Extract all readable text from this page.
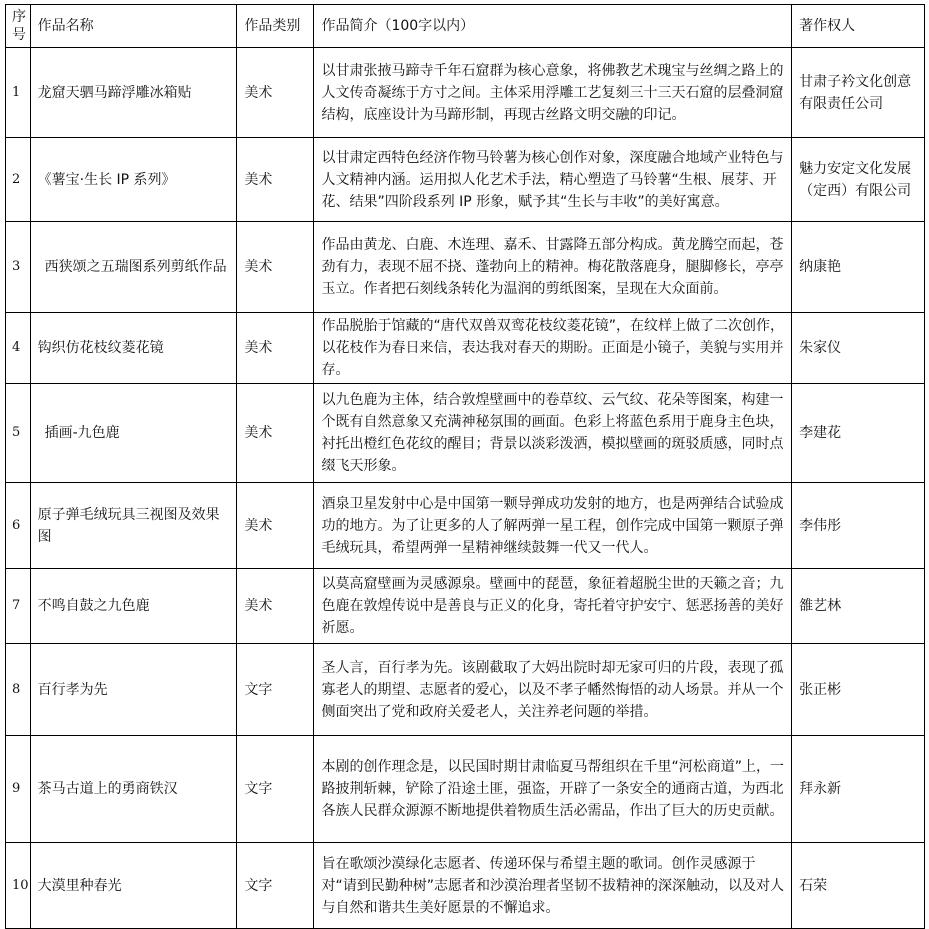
序号	作品名称	作品类别	作品简介（100字以内）	著作权人
1	龙窟天驷马蹄浮雕冰箱贴	美术	以甘肃张掖马蹄寺千年石窟群为核心意象，将佛教艺术瑰宝与丝绸之路上的人文传奇凝练于方寸之间。主体采用浮雕工艺复刻三十三天石窟的层叠洞窟结构，底座设计为马蹄形制，再现古丝路文明交融的印记。	甘肃子衿文化创意有限责任公司
2	《薯宝·生长 IP 系列》	美术	以甘肃定西特色经济作物马铃薯为核心创作对象，深度融合地域产业特色与人文精神内涵。运用拟人化艺术手法，精心塑造了马铃薯“生根、展芽、开花、结果”四阶段系列 IP 形象，赋予其“生长与丰收”的美好寓意。	魅力安定文化发展（定西）有限公司
3	西狭颂之五瑞图系列剪纸作品	美术	作品由黄龙、白鹿、木连理、嘉禾、甘露降五部分构成。黄龙腾空而起，苍劲有力，表现不屈不挠、蓬勃向上的精神。梅花散落鹿身，腿脚修长，亭亭玉立。作者把石刻线条转化为温润的剪纸图案，呈现在大众面前。	纳康艳
4	钩织仿花枝纹菱花镜	美术	作品脱胎于馆藏的“唐代双兽双鸾花枝纹菱花镜”，在纹样上做了二次创作，以花枝作为春日来信，表达我对春天的期盼。正面是小镜子，美貌与实用并存。	朱家仪
5	插画-九色鹿	美术	以九色鹿为主体，结合敦煌壁画中的卷草纹、云气纹、花朵等图案，构建一个既有自然意象又充满神秘氛围的画面。色彩上将蓝色系用于鹿身主色块，衬托出橙红色花纹的醒目；背景以淡彩泼洒，模拟壁画的斑驳质感，同时点缀飞天形象。	李建花
6	原子弹毛绒玩具三视图及效果图	美术	酒泉卫星发射中心是中国第一颗导弹成功发射的地方，也是两弹结合试验成功的地方。为了让更多的人了解两弹一星工程，创作完成中国第一颗原子弹毛绒玩具，希望两弹一星精神继续鼓舞一代又一代人。	李伟彤
7	不鸣自鼓之九色鹿	美术	以莫高窟壁画为灵感源泉。壁画中的琵琶，象征着超脱尘世的天籁之音；九色鹿在敦煌传说中是善良与正义的化身，寄托着守护安宁、惩恶扬善的美好祈愿。	雒艺林
8	百行孝为先	文字	圣人言，百行孝为先。该剧截取了大妈出院时却无家可归的片段，表现了孤寡老人的期望、志愿者的爱心，以及不孝子幡然悔悟的动人场景。并从一个侧面突出了党和政府关爱老人，关注养老问题的举措。	张正彬
9	茶马古道上的勇商铁汉	文字	本剧的创作理念是，以民国时期甘肃临夏马帮组织在千里“河松商道”上，一路披荆斩棘，铲除了沿途土匪，强盗，开辟了一条安全的通商古道，为西北各族人民群众源源不断地提供着物质生活必需品，作出了巨大的历史贡献。	拜永新
10	大漠里种春光	文字	旨在歌颂沙漠绿化志愿者、传递环保与希望主题的歌词。创作灵感源于对“请到民勤种树”志愿者和沙漠治理者坚韧不拔精神的深深触动，以及对人与自然和谐共生美好愿景的不懈追求。	石荣
